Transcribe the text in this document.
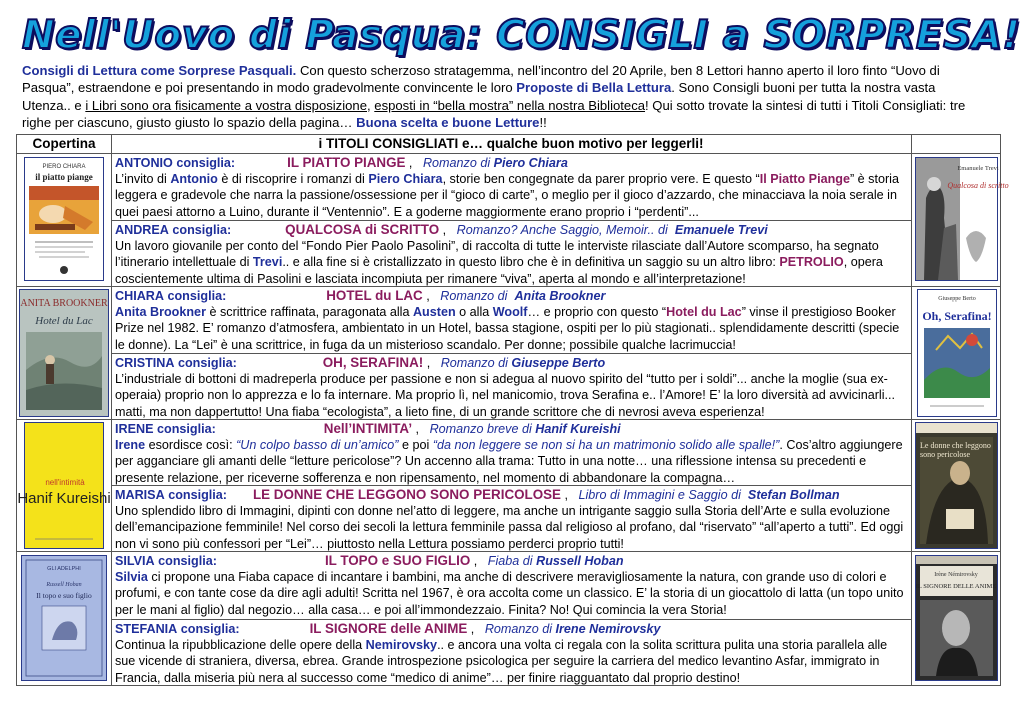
Nell'Uovo di Pasqua: CONSIGLI a SORPRESA!
Consigli di Lettura come Sorprese Pasquali. Con questo scherzoso stratagemma, nell’incontro del 20 Aprile, ben 8 Lettori hanno aperto il loro finto “Uovo di Pasqua”, estraendone e poi presentando in modo gradevolmente convincente le loro Proposte di Bella Lettura. Sono Consigli buoni per tutta la nostra vasta Utenza.. e i Libri sono ora fisicamente a vostra disposizione, esposti in “bella mostra” nella nostra Biblioteca! Qui sotto trovate la sintesi di tutti i Titoli Consigliati: tre righe per ciascuno, giusto giusto lo spazio della pagina… Buona scelta e buone Letture!!
Copertina	i TITOLI CONSIGLIATI e… qualche buon motivo per leggerli!
ANTONIO consiglia:	IL PIATTO PIANGE , Romanzo di Piero Chiara
L’invito di Antonio è di riscoprire i romanzi di Piero Chiara, storie ben congegnate da parer proprio vere. E questo “Il Piatto Piange” è storia leggera e gradevole che narra la passione/ossessione per il “gioco di carte”, o meglio per il gioco d’azzardo, che minacciava la noia serale in quei paesi attorno a Luino, durante il “Ventennio”. E a goderne maggiormente erano proprio i “perdenti”...
ANDREA consiglia:	QUALCOSA di SCRITTO , Romanzo? Anche Saggio, Memoir.. di Emanuele Trevi
Un lavoro giovanile per conto del “Fondo Pier Paolo Pasolini”, di raccolta di tutte le interviste rilasciate dall’Autore scomparso, ha segnato l’itinerario intellettuale di Trevi.. e alla fine si è cristallizzato in questo libro che è in definitiva un saggio su un altro libro: PETROLIO, opera coscientemente ultima di Pasolini e lasciata incompiuta per rimanere “viva”, aperta al mondo e all’interpretazione!
CHIARA consiglia:	HOTEL du LAC , Romanzo di Anita Brookner
Anita Brookner è scrittrice raffinata, paragonata alla Austen o alla Woolf… e proprio con questo “Hotel du Lac” vinse il prestigioso Booker Prize nel 1982. E’ romanzo d’atmosfera, ambientato in un Hotel, bassa stagione, ospiti per lo più stagionati.. splendidamente descritti (specie le donne). La “Lei” è una scrittrice, in fuga da un misterioso scandalo. Per donne; possibile qualche lacrimuccia!
CRISTINA consiglia:	OH, SERAFINA! , Romanzo di Giuseppe Berto
L’industriale di bottoni di madreperla produce per passione e non si adegua al nuovo spirito del “tutto per i soldi”... anche la moglie (sua ex-operaia) proprio non lo apprezza e lo fa internare. Ma proprio lì, nel manicomio, trova Serafina e.. l’Amore! E’ la loro diversità ad avvicinarli... matti, ma non dappertutto! Una fiaba “ecologista”, a lieto fine, di un grande scrittore che di nevrosi aveva esperienza!
IRENE consiglia:	Nell’INTIMITA’ , Romanzo breve di Hanif Kureishi
Irene esordisce così: “Un colpo basso di un’amico” e poi “da non leggere se non si ha un matrimonio solido alle spalle!”. Cos’altro aggiungere per agganciare gli amanti delle “letture pericolose”? Un accenno alla trama: Tutto in una notte… una riflessione intensa su precedenti e presente relazione, per riceverne sofferenza e non ripensamento, nel momento di abbandonare la compagna…
MARISA consiglia: LE DONNE CHE LEGGONO SONO PERICOLOSE , Libro di Immagini e Saggio di Stefan Bollman
Uno splendido libro di Immagini, dipinti con donne nel’atto di leggere, ma anche un intrigante saggio sulla Storia dell’Arte e sulla evoluzione dell’emancipazione femminile! Nel corso dei secoli la lettura femminile passa dal religioso al profano, dal “riservato” “all’aperto a tutti”. Ed oggi non vi sono più confessori per “Lei”… piuttosto nella Lettura possiamo perderci proprio tutti!
SILVIA consiglia:	IL TOPO e SUO FIGLIO , Fiaba di Russell Hoban
Silvia ci propone una Fiaba capace di incantare i bambini, ma anche di descrivere meravigliosamente la natura, con grande uso di colori e profumi, e con tante cose da dire agli adulti! Scritta nel 1967, è ora accolta come un classico. E’ la storia di un giocattolo di latta (un topo unito per le mani al figlio) dal negozio… alla casa… e poi all’immondezzaio. Finita? No! Qui comincia la vera Storia!
STEFANIA consiglia:	IL SIGNORE delle ANIME , Romanzo di Irene Nemirovsky
Continua la ripubblicazione delle opere della Nemirovsky.. e ancora una volta ci regala con la solita scrittura pulita una storia parallela alle sue vicende di straniera, diversa, ebrea. Grande introspezione psicologica per seguire la carriera del medico levantino Asfar, immigrato in Francia, dalla miseria più nera al successo come “medico di anime”… per finire riagguantato dal proprio destino!
PIERO CHIARA
il piatto piange
ANITA BROOKNER
Hotel du Lac
nell'intimità
Hanif Kureishi
GLI ADELPHI
Russell Hoban
Il topo e suo figlio
Emanuele Trevi
Qualcosa di scritto
Giuseppe Berto
Oh, Serafina!
Le donne che leggono sono pericolose
Irène Némirovsky
IL SIGNORE DELLE ANIME
